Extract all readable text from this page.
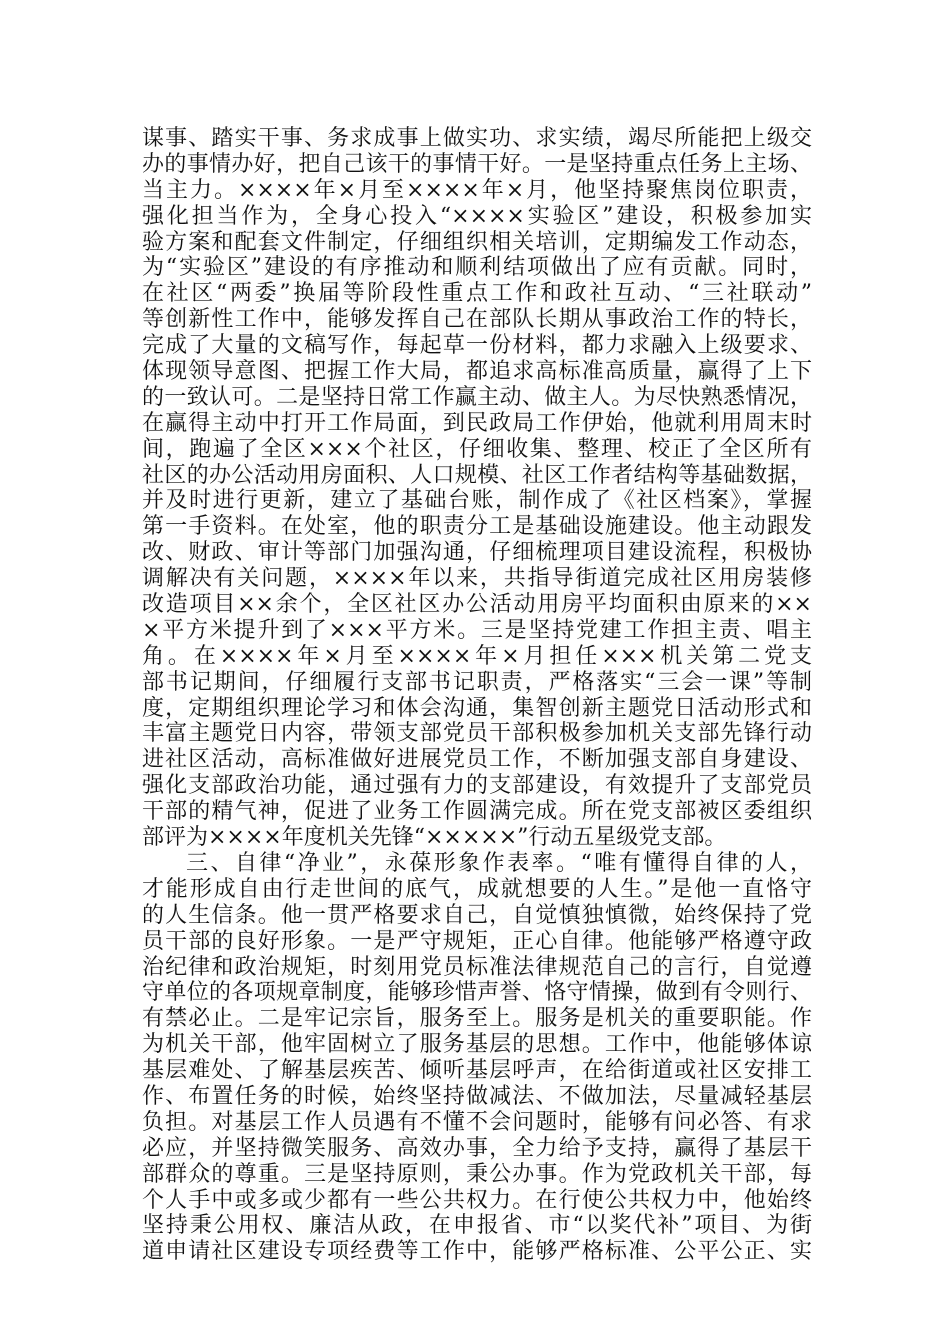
谋事、踏实干事、务求成事上做实功、求实绩，竭尽所能把上级交
办的事情办好，把自己该干的事情干好。一是坚持重点任务上主场、
当主力。××××年×月至××××年×月，他坚持聚焦岗位职责，
强化担当作为，全身心投入“××××实验区”建设，积极参加实
验方案和配套文件制定，仔细组织相关培训，定期编发工作动态，
为“实验区”建设的有序推动和顺利结项做出了应有贡献。同时，
在社区“两委”换届等阶段性重点工作和政社互动、“三社联动”
等创新性工作中，能够发挥自己在部队长期从事政治工作的特长，
完成了大量的文稿写作，每起草一份材料，都力求融入上级要求、
体现领导意图、把握工作大局，都追求高标准高质量，赢得了上下
的一致认可。二是坚持日常工作赢主动、做主人。为尽快熟悉情况，
在赢得主动中打开工作局面，到民政局工作伊始，他就利用周末时
间，跑遍了全区×××个社区，仔细收集、整理、校正了全区所有
社区的办公活动用房面积、人口规模、社区工作者结构等基础数据，
并及时进行更新，建立了基础台账，制作成了《社区档案》，掌握
第一手资料。在处室，他的职责分工是基础设施建设。他主动跟发
改、财政、审计等部门加强沟通，仔细梳理项目建设流程，积极协
调解决有关问题，××××年以来，共指导街道完成社区用房装修
改造项目××余个，全区社区办公活动用房平均面积由原来的××
×平方米提升到了×××平方米。三是坚持党建工作担主责、唱主
角。在××××年×月至××××年×月担任×××机关第二党支
部书记期间，仔细履行支部书记职责，严格落实“三会一课”等制
度，定期组织理论学习和体会沟通，集智创新主题党日活动形式和
丰富主题党日内容，带领支部党员干部积极参加机关支部先锋行动
进社区活动，高标准做好进展党员工作，不断加强支部自身建设、
强化支部政治功能，通过强有力的支部建设，有效提升了支部党员
干部的精气神，促进了业务工作圆满完成。所在党支部被区委组织
部评为××××年度机关先锋“×××××”行动五星级党支部。
三、自律“净业”，永葆形象作表率。“唯有懂得自律的人，
才能形成自由行走世间的底气，成就想要的人生。”是他一直恪守
的人生信条。他一贯严格要求自己，自觉慎独慎微，始终保持了党
员干部的良好形象。一是严守规矩，正心自律。他能够严格遵守政
治纪律和政治规矩，时刻用党员标准法律规范自己的言行，自觉遵
守单位的各项规章制度，能够珍惜声誉、恪守情操，做到有令则行、
有禁必止。二是牢记宗旨，服务至上。服务是机关的重要职能。作
为机关干部，他牢固树立了服务基层的思想。工作中，他能够体谅
基层难处、了解基层疾苦、倾听基层呼声，在给街道或社区安排工
作、布置任务的时候，始终坚持做减法、不做加法，尽量减轻基层
负担。对基层工作人员遇有不懂不会问题时，能够有问必答、有求
必应，并坚持微笑服务、高效办事，全力给予支持，赢得了基层干
部群众的尊重。三是坚持原则，秉公办事。作为党政机关干部，每
个人手中或多或少都有一些公共权力。在行使公共权力中，他始终
坚持秉公用权、廉洁从政，在申报省、市“以奖代补”项目、为街
道申请社区建设专项经费等工作中，能够严格标准、公平公正、实
